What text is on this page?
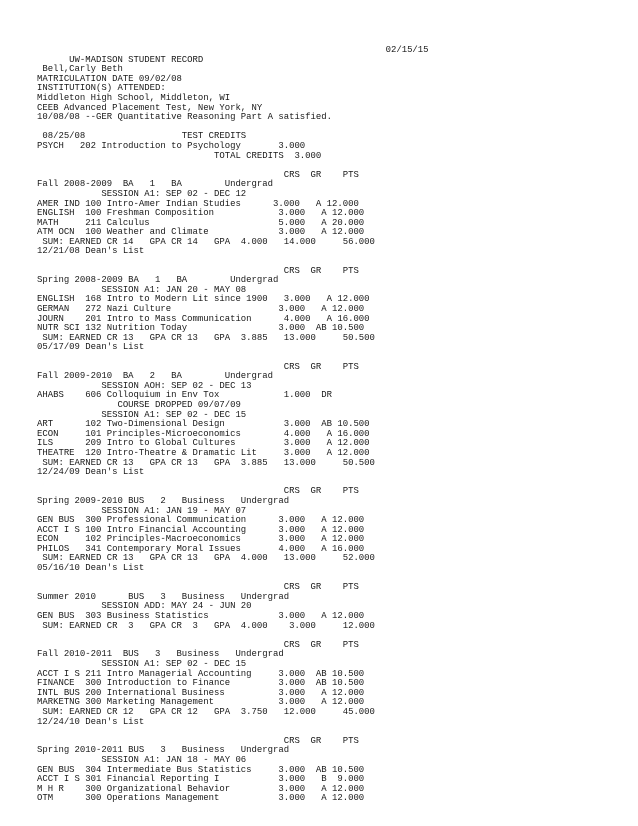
02/15/15
UW-MADISON STUDENT RECORD
Bell,Carly Beth
MATRICULATION DATE 09/02/08
INSTITUTION(S) ATTENDED:
Middleton High School, Middleton, WI
CEEB Advanced Placement Test, New York, NY
10/08/08 --GER Quantitative Reasoning Part A satisfied.
08/25/08                  TEST CREDITS
PSYCH   202 Introduction to Psychology       3.000
TOTAL CREDITS  3.000
CRS  GR    PTS
Fall 2008-2009  BA   1   BA        Undergrad
SESSION A1: SEP 02 - DEC 12
AMER IND 100 Intro-Amer Indian Studies      3.000   A 12.000
ENGLISH  100 Freshman Composition            3.000   A 12.000
MATH     211 Calculus                        5.000   A 20.000
ATM OCN  100 Weather and Climate             3.000   A 12.000
SUM: EARNED CR 14   GPA CR 14   GPA  4.000   14.000     56.000
12/21/08 Dean's List
CRS  GR    PTS
Spring 2008-2009 BA   1   BA        Undergrad
SESSION A1: JAN 20 - MAY 08
ENGLISH  168 Intro to Modern Lit since 1900   3.000   A 12.000
GERMAN   272 Nazi Culture                    3.000   A 12.000
JOURN    201 Intro to Mass Communication      4.000   A 16.000
NUTR SCI 132 Nutrition Today                 3.000  AB 10.500
SUM: EARNED CR 13   GPA CR 13   GPA  3.885   13.000     50.500
05/17/09 Dean's List
CRS  GR    PTS
Fall 2009-2010  BA   2   BA        Undergrad
SESSION AOH: SEP 02 - DEC 13
AHABS    606 Colloquium in Env Tox            1.000  DR
COURSE DROPPED 09/07/09
SESSION A1: SEP 02 - DEC 15
ART      102 Two-Dimensional Design           3.000  AB 10.500
ECON     101 Principles-Microeconomics        4.000   A 16.000
ILS      209 Intro to Global Cultures         3.000   A 12.000
THEATRE  120 Intro-Theatre & Dramatic Lit     3.000   A 12.000
SUM: EARNED CR 13   GPA CR 13   GPA  3.885   13.000     50.500
12/24/09 Dean's List
CRS  GR    PTS
Spring 2009-2010 BUS   2   Business   Undergrad
SESSION A1: JAN 19 - MAY 07
GEN BUS  300 Professional Communication      3.000   A 12.000
ACCT I S 100 Intro Financial Accounting      3.000   A 12.000
ECON     102 Principles-Macroeconomics       3.000   A 12.000
PHILOS   341 Contemporary Moral Issues       4.000   A 16.000
SUM: EARNED CR 13   GPA CR 13   GPA  4.000   13.000     52.000
05/16/10 Dean's List
CRS  GR    PTS
Summer 2010      BUS   3   Business   Undergrad
SESSION ADD: MAY 24 - JUN 20
GEN BUS  303 Business Statistics             3.000   A 12.000
SUM: EARNED CR  3   GPA CR  3   GPA  4.000    3.000     12.000
CRS  GR    PTS
Fall 2010-2011  BUS   3   Business   Undergrad
SESSION A1: SEP 02 - DEC 15
ACCT I S 211 Intro Managerial Accounting     3.000  AB 10.500
FINANCE  300 Introduction to Finance         3.000  AB 10.500
INTL BUS 200 International Business          3.000   A 12.000
MARKETNG 300 Marketing Management            3.000   A 12.000
SUM: EARNED CR 12   GPA CR 12   GPA  3.750   12.000     45.000
12/24/10 Dean's List
CRS  GR    PTS
Spring 2010-2011 BUS   3   Business   Undergrad
SESSION A1: JAN 18 - MAY 06
GEN BUS  304 Intermediate Bus Statistics     3.000  AB 10.500
ACCT I S 301 Financial Reporting I           3.000   B  9.000
M H R    300 Organizational Behavior         3.000   A 12.000
OTM      300 Operations Management           3.000   A 12.000
